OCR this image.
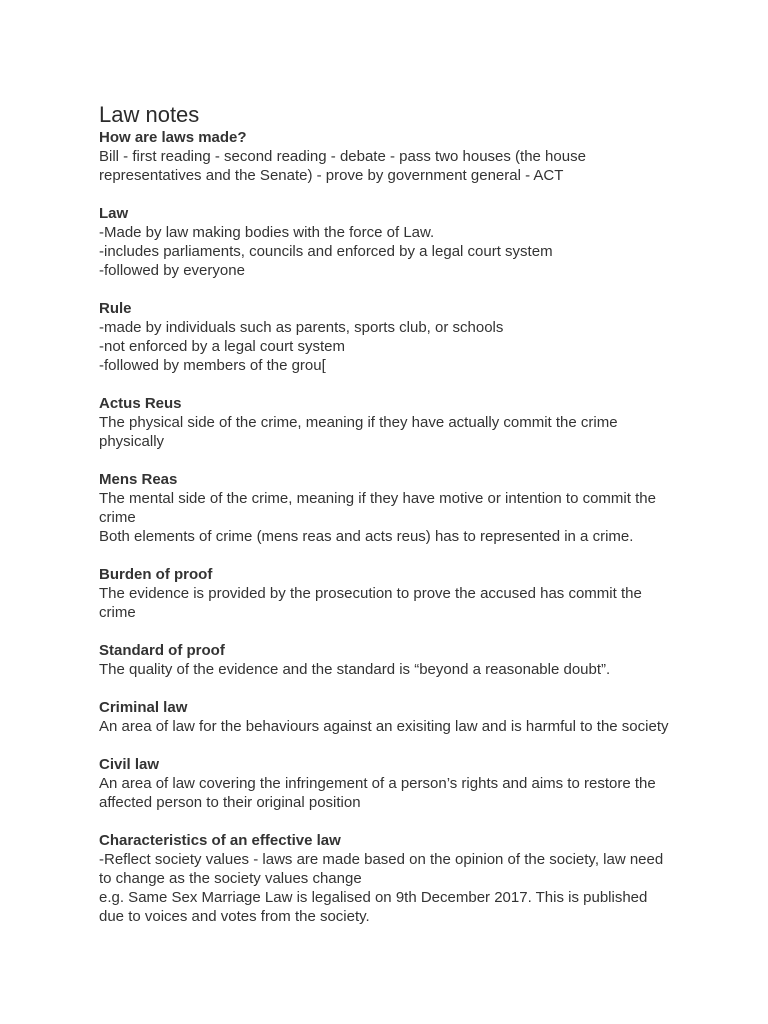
Law notes

How are laws made?

Bill - first reading - second reading - debate - pass two houses (the house representatives and the Senate) - prove by government general - ACT

Law

-Made by law making bodies with the force of Law.

-includes parliaments, councils and enforced by a legal court system

-followed by everyone

Rule

-made by individuals such as parents, sports club, or schools

-not enforced by a legal court system

-followed by members of the grou[

Actus Reus

The physical side of the crime, meaning if they have actually commit the crime physically

Mens Reas

The mental side of the crime, meaning if they have motive or intention to commit the crime

Both elements of crime (mens reas and acts reus) has to represented in a crime.

Burden of proof

The evidence is provided by the prosecution to prove the accused has commit the crime

Standard of proof

The quality of the evidence and the standard is “beyond a reasonable doubt”.

Criminal law

An area of law for the behaviours against an exisiting law and is harmful to the society

Civil law

An area of law covering the infringement of a person’s rights and aims to restore the affected person to their original position

Characteristics of an effective law

-Reflect society values - laws are made based on the opinion of the society, law need to change as the society values change

e.g. Same Sex Marriage Law is legalised on 9th December 2017. This is published due to voices and votes from the society.
